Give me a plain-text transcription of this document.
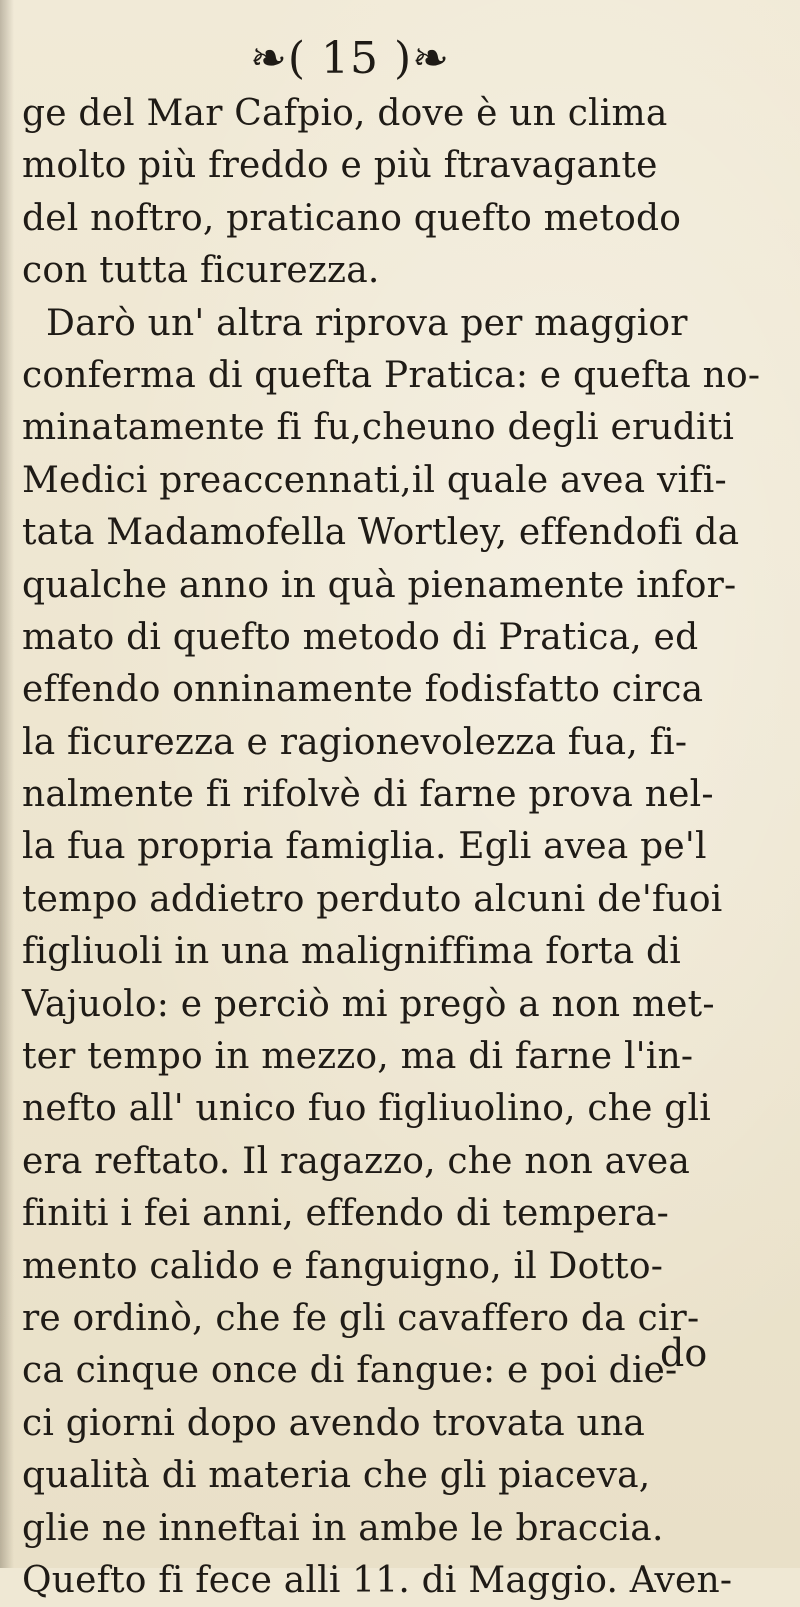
❧( 15 )❧
ge del Mar Cafpio, dove è un clima
molto più freddo e più ftravagante
del noftro, praticano quefto metodo
con tutta ficurezza.
Darò un' altra riprova per maggior
conferma di quefta Pratica: e quefta no-
minatamente fi fu,cheuno degli eruditi
Medici preaccennati,il quale avea vifi-
tata Madamofella Wortley, effendofi da
qualche anno in quà pienamente infor-
mato di quefto metodo di Pratica, ed
effendo onninamente fodisfatto circa
la ficurezza e ragionevolezza fua, fi-
nalmente fi rifolvè di farne prova nel-
la fua propria famiglia. Egli avea pe'l
tempo addietro perduto alcuni de'fuoi
figliuoli in una maligniffima forta di
Vajuolo: e perciò mi pregò a non met-
ter tempo in mezzo, ma di farne l'in-
nefto all' unico fuo figliuolino, che gli
era reftato. Il ragazzo, che non avea
finiti i fei anni, effendo di tempera-
mento calido e fanguigno, il Dotto-
re ordinò, che fe gli cavaffero da cir-
ca cinque once di fangue: e poi die-
ci giorni dopo avendo trovata una
qualità di materia che gli piaceva,
glie ne inneftai in ambe le braccia.
Quefto fi fece alli 11. di Maggio. Aven-
do
